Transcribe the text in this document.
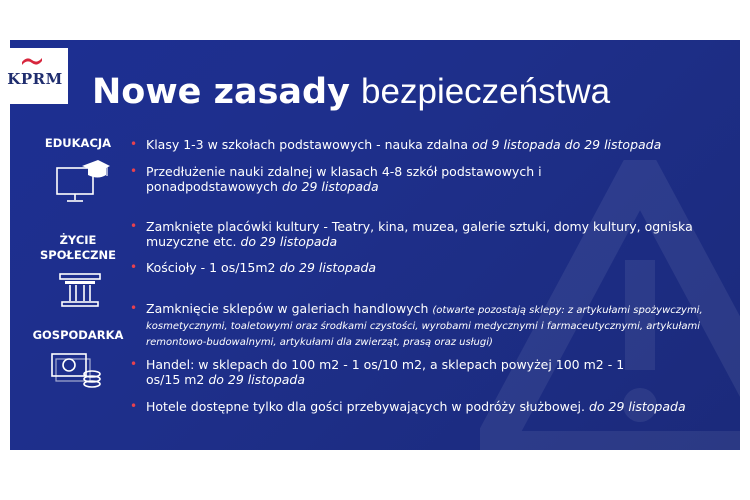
Nowe zasady bezpieczeństwa
EDUKACJA	• Klasy 1-3 w szkołach podstawowych - nauka zdalna od 9 listopada do 29 listopada
• Przedłużenie nauki zdalnej w klasach 4-8 szkół podstawowych i ponadpodstawowych do 29 listopada
ŻYCIE
SPOŁECZNE
• Zamknięte placówki kultury - Teatry, kina, muzea, galerie sztuki, domy kultury, ogniska muzyczne etc. do 29 listopada
• Kościoły - 1 os/15m2 do 29 listopada
GOSPODARKA
• Zamknięcie sklepów w galeriach handlowych (otwarte pozostają sklepy: z artykułami spożywczymi, kosmetycznymi, toaletowymi oraz środkami czystości, wyrobami medycznymi i farmaceutycznymi, artykułami remontowo-budowalnymi, artykułami dla zwierząt, prasą oraz usługi)
• Handel: w sklepach do 100 m2 - 1 os/10 m2, a sklepach powyżej 100 m2 - 1 os/15 m2 do 29 listopada
• Hotele dostępne tylko dla gości przebywających w podróży służbowej. do 29 listopada
KPRM
